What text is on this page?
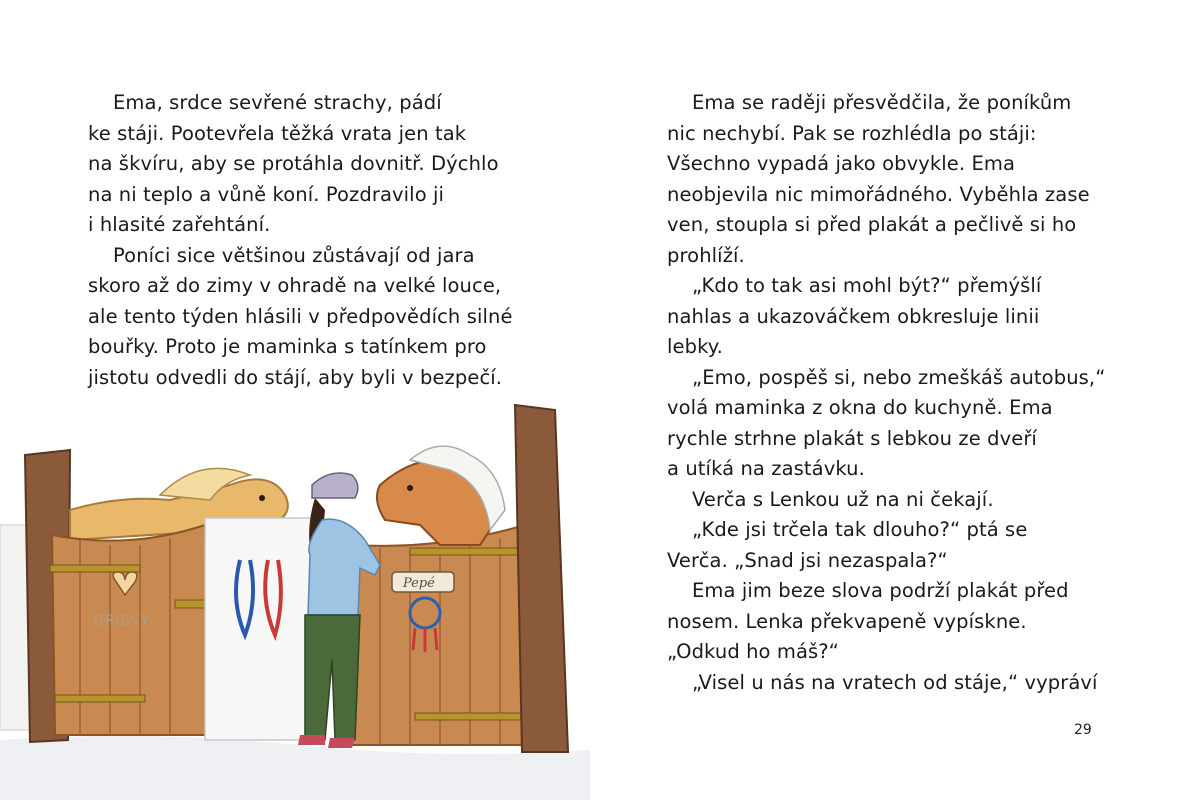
Ema, srdce sevřené strachy, pádí
ke stáji. Pootevřela těžká vrata jen tak
na škvíru, aby se protáhla dovnitř. Dýchlo
na ni teplo a vůně koní. Pozdravilo ji
i hlasité zařehtání.
Poníci sice většinou zůstávají od jara
skoro až do zimy v ohradě na velké louce,
ale tento týden hlásili v předpovědích silné
bouřky. Proto je maminka s tatínkem pro
jistotu odvedli do stájí, aby byli v bezpečí.
Ema se raději přesvědčila, že poníkům
nic nechybí. Pak se rozhlédla po stáji:
Všechno vypadá jako obvykle. Ema
neobjevila nic mimořádného. Vyběhla zase
ven, stoupla si před plakát a pečlivě si ho
prohlíží.
„Kdo to tak asi mohl být?“ přemýšlí
nahlas a ukazováčkem obkresluje linii
lebky.
„Emo, pospěš si, nebo zmeškáš autobus,“
volá maminka z okna do kuchyně. Ema
rychle strhne plakát s lebkou ze dveří
a utíká na zastávku.
Verča s Lenkou už na ni čekají.
„Kde jsi trčela tak dlouho?“ ptá se
Verča. „Snad jsi nezaspala?“
Ema jim beze slova podrží plakát před
nosem. Lenka překvapeně vypískne.
„Odkud ho máš?“
„Visel u nás na vratech od stáje,“ vypráví
GRISSY
Pepé
29
